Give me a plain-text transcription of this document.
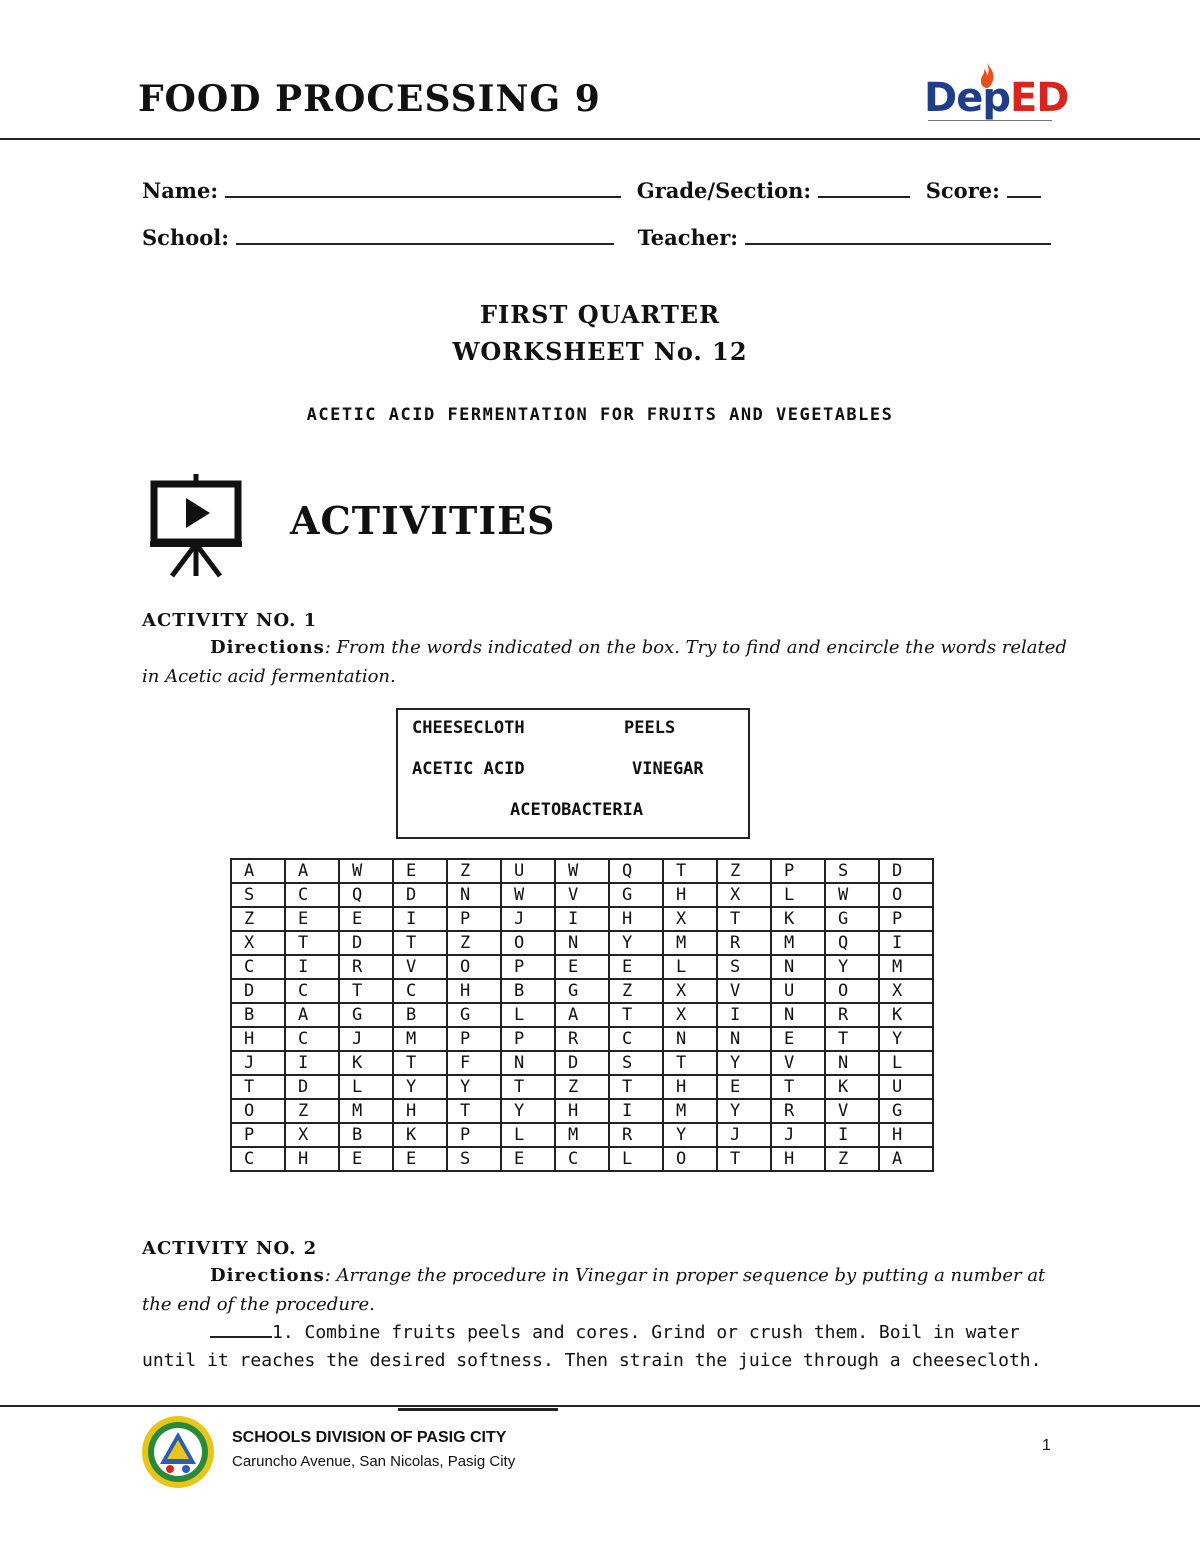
FOOD PROCESSING 9	DepED
Name:	Grade/Section:	Score:
School:	Teacher:
FIRST QUARTER
WORKSHEET No. 12
ACETIC ACID FERMENTATION FOR FRUITS AND VEGETABLES
ACTIVITIES
ACTIVITY NO. 1
Directions: From the words indicated on the box. Try to find and encircle the words related in Acetic acid fermentation.
CHEESECLOTH	PEELS
ACETIC ACID	VINEGAR
ACETOBACTERIA
A	A	W	E	Z	U	W	Q	T	Z	P	S	D
S	C	Q	D	N	W	V	G	H	X	L	W	O
Z	E	E	I	P	J	I	H	X	T	K	G	P
X	T	D	T	Z	O	N	Y	M	R	M	Q	I
C	I	R	V	O	P	E	E	L	S	N	Y	M
D	C	T	C	H	B	G	Z	X	V	U	O	X
B	A	G	B	G	L	A	T	X	I	N	R	K
H	C	J	M	P	P	R	C	N	N	E	T	Y
J	I	K	T	F	N	D	S	T	Y	V	N	L
T	D	L	Y	Y	T	Z	T	H	E	T	K	U
O	Z	M	H	T	Y	H	I	M	Y	R	V	G
P	X	B	K	P	L	M	R	Y	J	J	I	H
C	H	E	E	S	E	C	L	O	T	H	Z	A
ACTIVITY NO. 2
Directions: Arrange the procedure in Vinegar in proper sequence by putting a number at the end of the procedure.
1. Combine fruits peels and cores. Grind or crush them. Boil in water until it reaches the desired softness. Then strain the juice through a cheesecloth.
SCHOOLS DIVISION OF PASIG CITY
Caruncho Avenue, San Nicolas, Pasig City
1
